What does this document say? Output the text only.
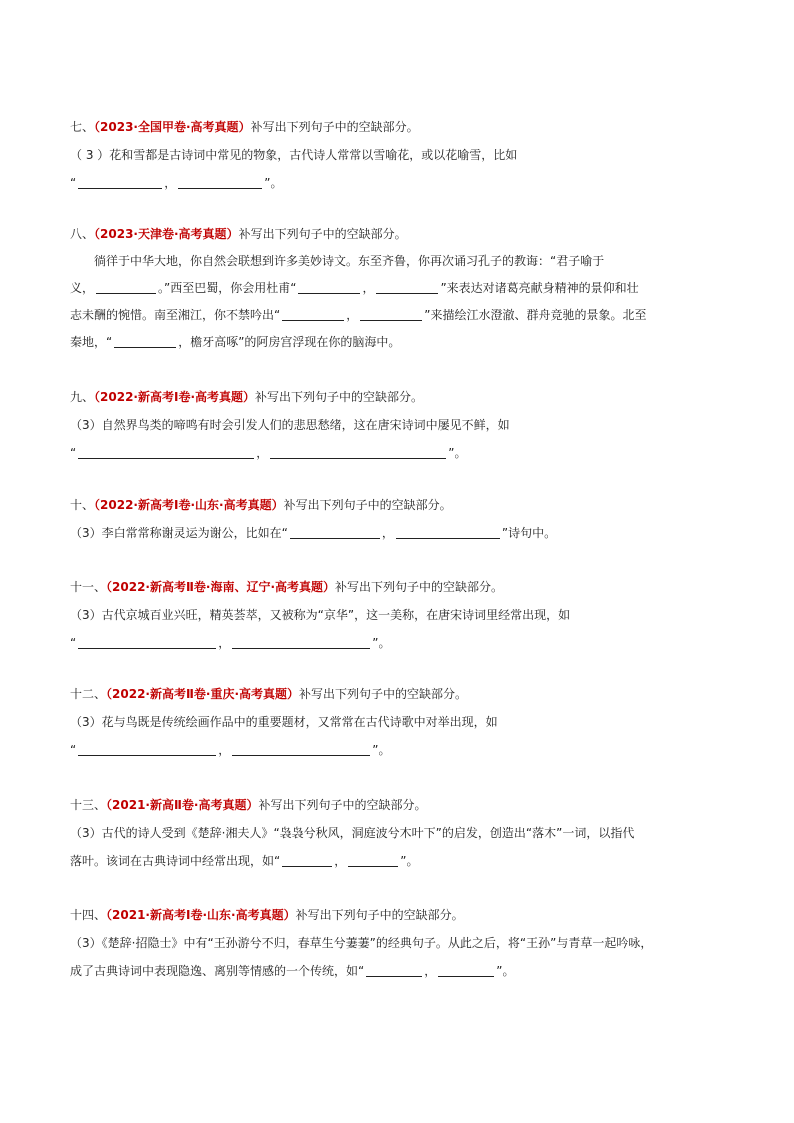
七、（2023·全国甲卷·高考真题）补写出下列句子中的空缺部分。

（ 3 ）花和雪都是古诗词中常见的物象，古代诗人常常以雪喻花，或以花喻雪，比如

“	，	”。

八、（2023·天津卷·高考真题）补写出下列句子中的空缺部分。

徜徉于中华大地，你自然会联想到许多美妙诗文。东至齐鲁，你再次诵习孔子的教诲：“君子喻于

义，	。”西至巴蜀，你会用杜甫“	，	”来表达对诸葛亮献身精神的景仰和壮

志未酬的惋惜。南至湘江，你不禁吟出“	，	”来描绘江水澄澈、群舟竞驰的景象。北至

秦地，“	，檐牙高啄”的阿房宫浮现在你的脑海中。

九、（2022·新高考Ⅰ卷·高考真题）补写出下列句子中的空缺部分。

（3）自然界鸟类的啼鸣有时会引发人们的悲思愁绪，这在唐宋诗词中屡见不鲜，如

“	，	”。

十、（2022·新高考Ⅰ卷·山东·高考真题）补写出下列句子中的空缺部分。

（3）李白常常称谢灵运为谢公，比如在“	，	”诗句中。

十一、（2022·新高考Ⅱ卷·海南、辽宁·高考真题）补写出下列句子中的空缺部分。

（3）古代京城百业兴旺，精英荟萃，又被称为“京华”，这一美称，在唐宋诗词里经常出现，如

“	，	”。

十二、（2022·新高考Ⅱ卷·重庆·高考真题）补写出下列句子中的空缺部分。

（3）花与鸟既是传统绘画作品中的重要题材，又常常在古代诗歌中对举出现，如

“	，	”。

十三、（2021·新高Ⅱ卷·高考真题）补写出下列句子中的空缺部分。

（3）古代的诗人受到《楚辞·湘夫人》“袅袅兮秋风，洞庭波兮木叶下”的启发，创造出“落木”一词，以指代

落叶。该词在古典诗词中经常出现，如“	，	”。

十四、（2021·新高考Ⅰ卷·山东·高考真题）补写出下列句子中的空缺部分。

（3）《楚辞·招隐士》中有“王孙游兮不归，春草生兮萋萋”的经典句子。从此之后，将“王孙”与青草一起吟咏，

成了古典诗词中表现隐逸、离别等情感的一个传统，如“	，	”。
